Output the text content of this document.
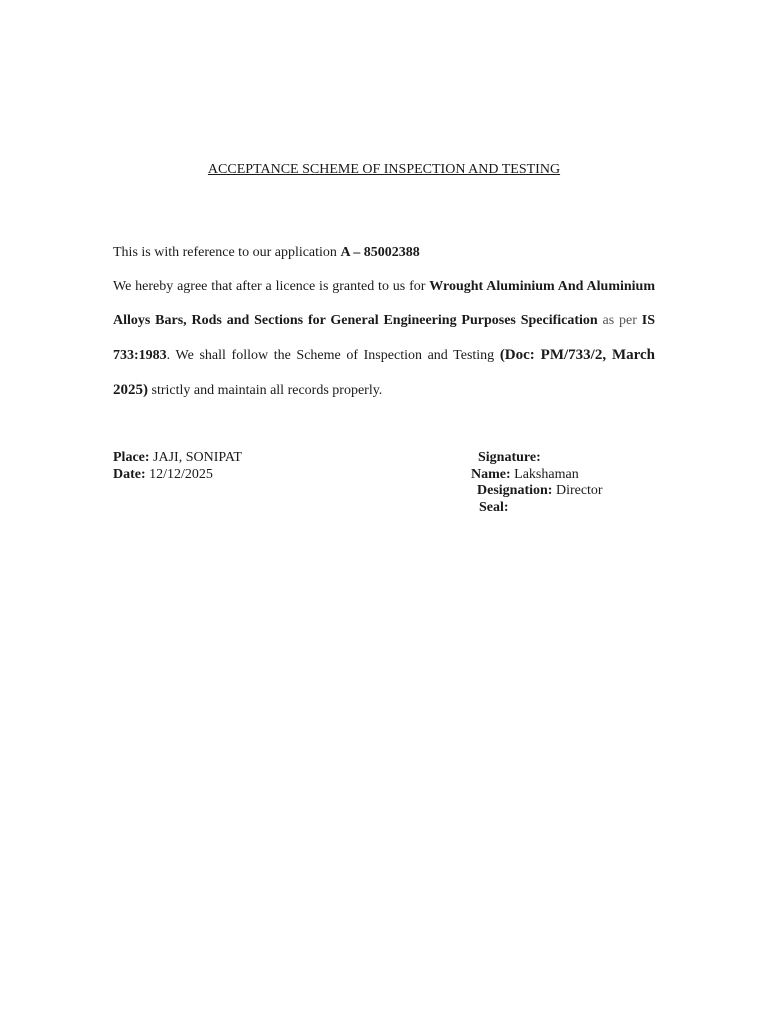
ACCEPTANCE SCHEME OF INSPECTION AND TESTING

This is with reference to our application A – 85002388

We hereby agree that after a licence is granted to us for Wrought Aluminium And Aluminium Alloys Bars, Rods and Sections for General Engineering Purposes Specification as per IS 733:1983. We shall follow the Scheme of Inspection and Testing (Doc: PM/733/2, March 2025) strictly and maintain all records properly.

Place: JAJI, SONIPAT
Date: 12/12/2025
Signature:
Name: Lakshaman
Designation: Director
Seal:
